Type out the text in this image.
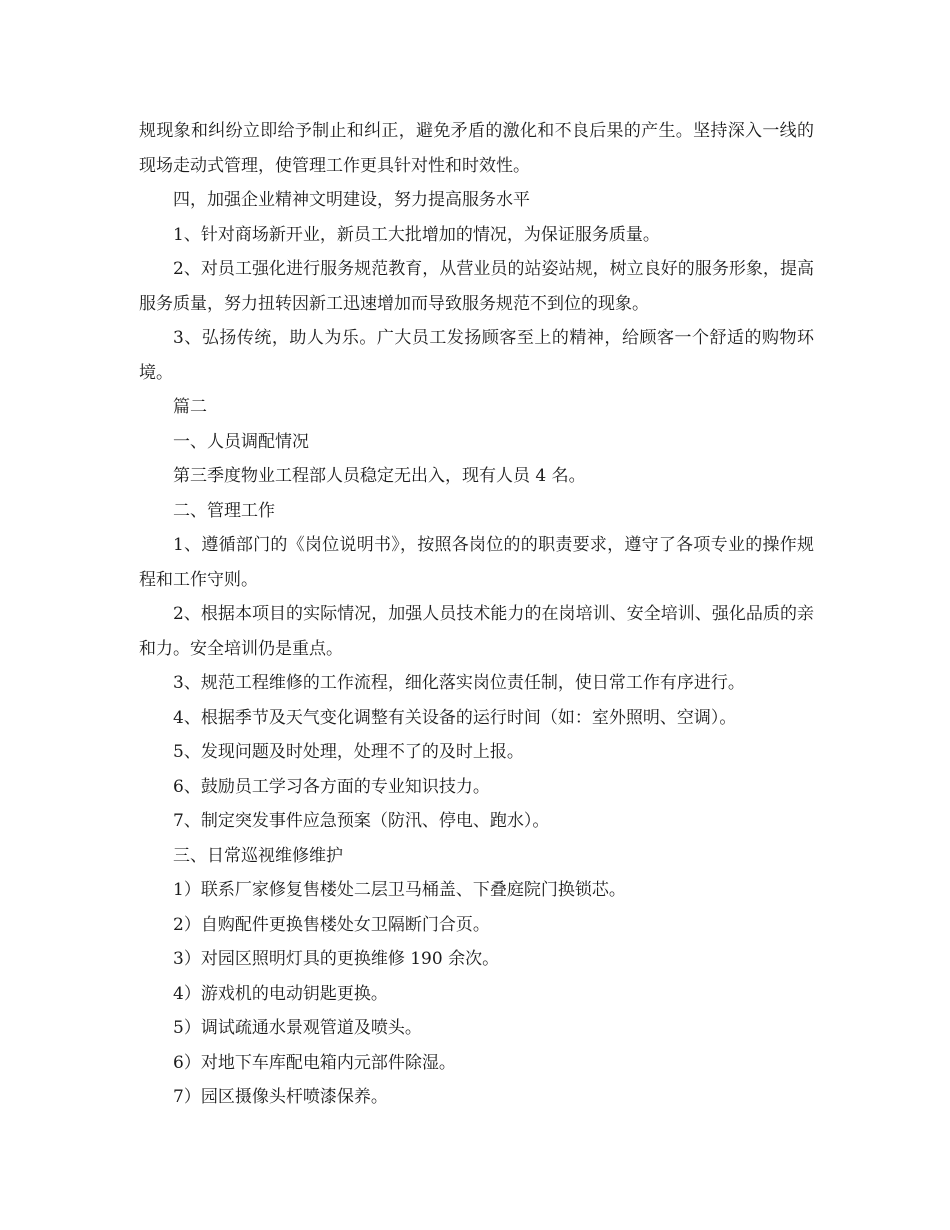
规现象和纠纷立即给予制止和纠正，避免矛盾的激化和不良后果的产生。坚持深入一线的现场走动式管理，使管理工作更具针对性和时效性。

四，加强企业精神文明建设，努力提高服务水平

1、针对商场新开业，新员工大批增加的情况，为保证服务质量。

2、对员工强化进行服务规范教育，从营业员的站姿站规，树立良好的服务形象，提高服务质量，努力扭转因新工迅速增加而导致服务规范不到位的现象。

3、弘扬传统，助人为乐。广大员工发扬顾客至上的精神，给顾客一个舒适的购物环境。

篇二

一、人员调配情况

第三季度物业工程部人员稳定无出入，现有人员 4 名。

二、管理工作

1、遵循部门的《岗位说明书》，按照各岗位的的职责要求，遵守了各项专业的操作规程和工作守则。

2、根据本项目的实际情况，加强人员技术能力的在岗培训、安全培训、强化品质的亲和力。安全培训仍是重点。

3、规范工程维修的工作流程，细化落实岗位责任制，使日常工作有序进行。

4、根据季节及天气变化调整有关设备的运行时间（如：室外照明、空调）。

5、发现问题及时处理，处理不了的及时上报。

6、鼓励员工学习各方面的专业知识技力。

7、制定突发事件应急预案（防汛、停电、跑水）。

三、日常巡视维修维护

1）联系厂家修复售楼处二层卫马桶盖、下叠庭院门换锁芯。

2）自购配件更换售楼处女卫隔断门合页。

3）对园区照明灯具的更换维修 190 余次。

4）游戏机的电动钥匙更换。

5）调试疏通水景观管道及喷头。

6）对地下车库配电箱内元部件除湿。

7）园区摄像头杆喷漆保养。
